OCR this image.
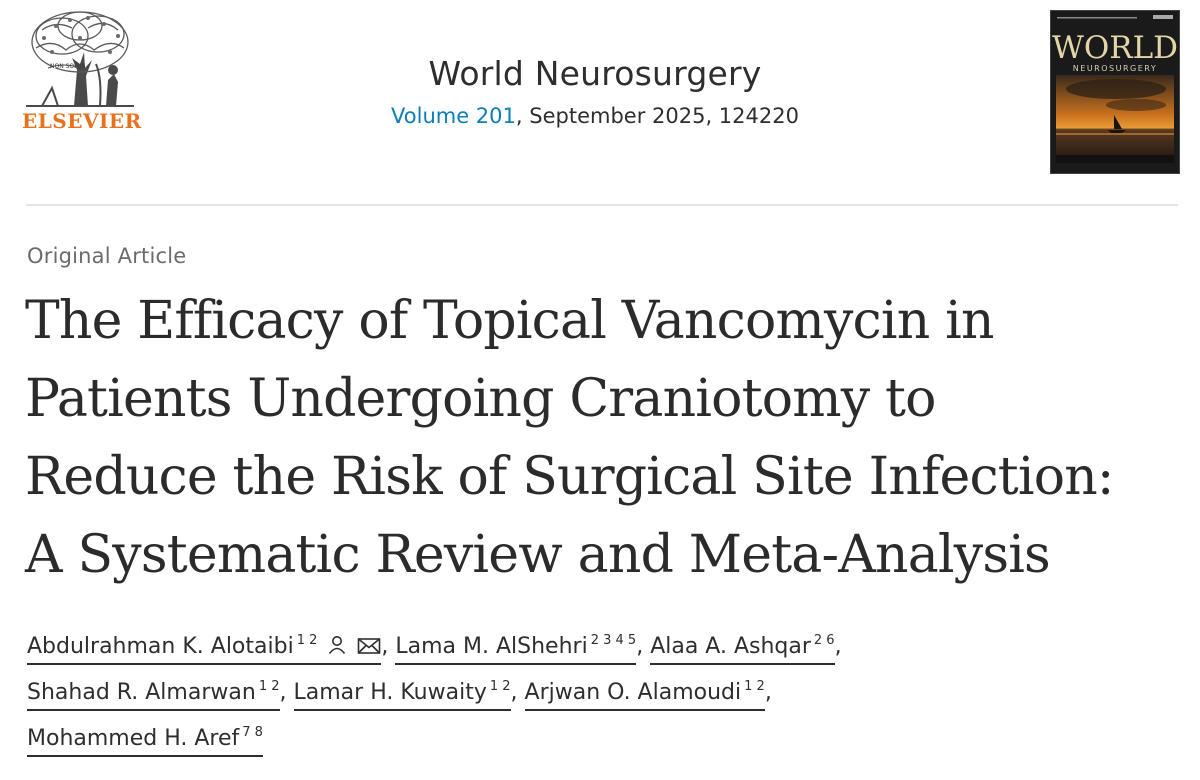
NON SOLUS
ELSEVIER
World Neurosurgery
Volume 201, September 2025, 124220
WORLD
NEUROSURGERY
Original Article
The Efficacy of Topical Vancomycin in
Patients Undergoing Craniotomy to
Reduce the Risk of Surgical Site Infection:
A Systematic Review and Meta-Analysis
Abdulrahman K. Alotaibi $^{1 2}$	, Lama M. AlShehri $^{2 3 4 5}$, Alaa A. Ashqar $^{2 6}$,
Shahad R. Almarwan $^{1 2}$, Lamar H. Kuwaity $^{1 2}$, Arjwan O. Alamoudi $^{1 2}$,
Mohammed H. Aref $^{7 8}$
